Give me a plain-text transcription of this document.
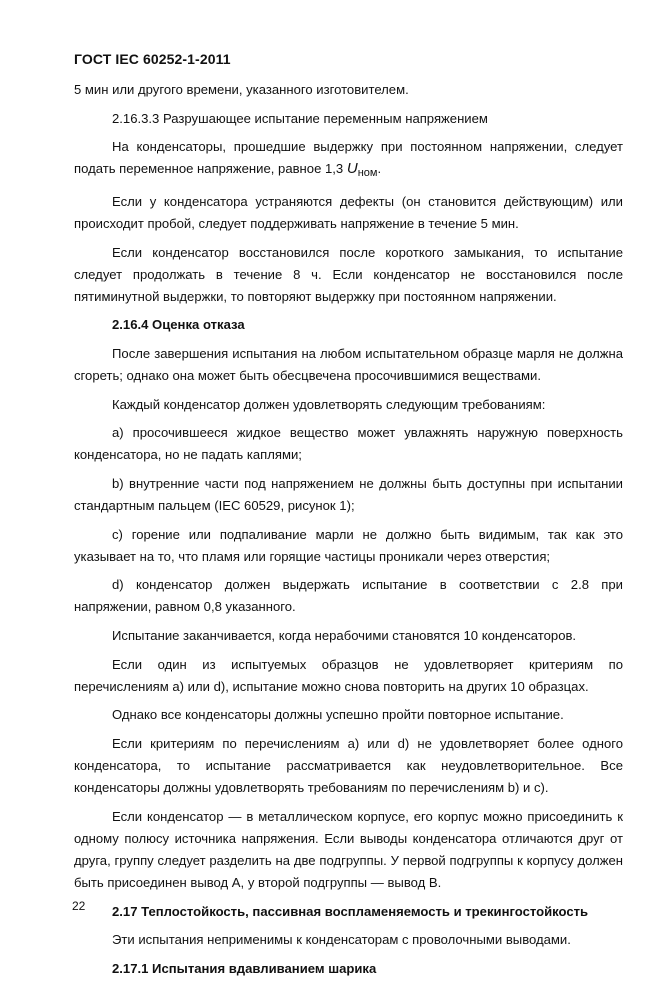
ГОСТ IEC 60252-1-2011

5 мин или другого времени, указанного изготовителем.

2.16.3.3 Разрушающее испытание переменным напряжением

На конденсаторы, прошедшие выдержку при постоянном напряжении, следует подать переменное напряжение, равное 1,3 $U_{ном}$.

Если у конденсатора устраняются дефекты (он становится действующим) или происходит пробой, следует поддерживать напряжение в течение 5 мин.

Если конденсатор восстановился после короткого замыкания, то испытание следует продолжать в течение 8 ч. Если конденсатор не восстановился после пятиминутной выдержки, то повторяют выдержку при постоянном напряжении.

2.16.4 Оценка отказа

После завершения испытания на любом испытательном образце марля не должна сгореть; однако она может быть обесцвечена просочившимися веществами.

Каждый конденсатор должен удовлетворять следующим требованиям:

a) просочившееся жидкое вещество может увлажнять наружную поверхность конденсатора, но не падать каплями;

b) внутренние части под напряжением не должны быть доступны при испытании стандартным пальцем (IEC 60529, рисунок 1);

c) горение или подпаливание марли не должно быть видимым, так как это указывает на то, что пламя или горящие частицы проникали через отверстия;

d) конденсатор должен выдержать испытание в соответствии с 2.8 при напряжении, равном 0,8 указанного.

Испытание заканчивается, когда нерабочими становятся 10 конденсаторов.

Если один из испытуемых образцов не удовлетворяет критериям по перечислениям a) или d), испытание можно снова повторить на других 10 образцах.

Однако все конденсаторы должны успешно пройти повторное испытание.

Если критериям по перечислениям a) или d) не удовлетворяет более одного конденсатора, то испытание рассматривается как неудовлетворительное. Все конденсаторы должны удовлетворять требованиям по перечислениям b) и c).

Если конденсатор — в металлическом корпусе, его корпус можно присоединить к одному полюсу источника напряжения. Если выводы конденсатора отличаются друг от друга, группу следует разделить на две подгруппы. У первой подгруппы к корпусу должен быть присоединен вывод A, у второй подгруппы — вывод B.

2.17 Теплостойкость, пассивная воспламеняемость и трекингостойкость

Эти испытания неприменимы к конденсаторам с проволочными выводами.

2.17.1 Испытания вдавливанием шарика

22
